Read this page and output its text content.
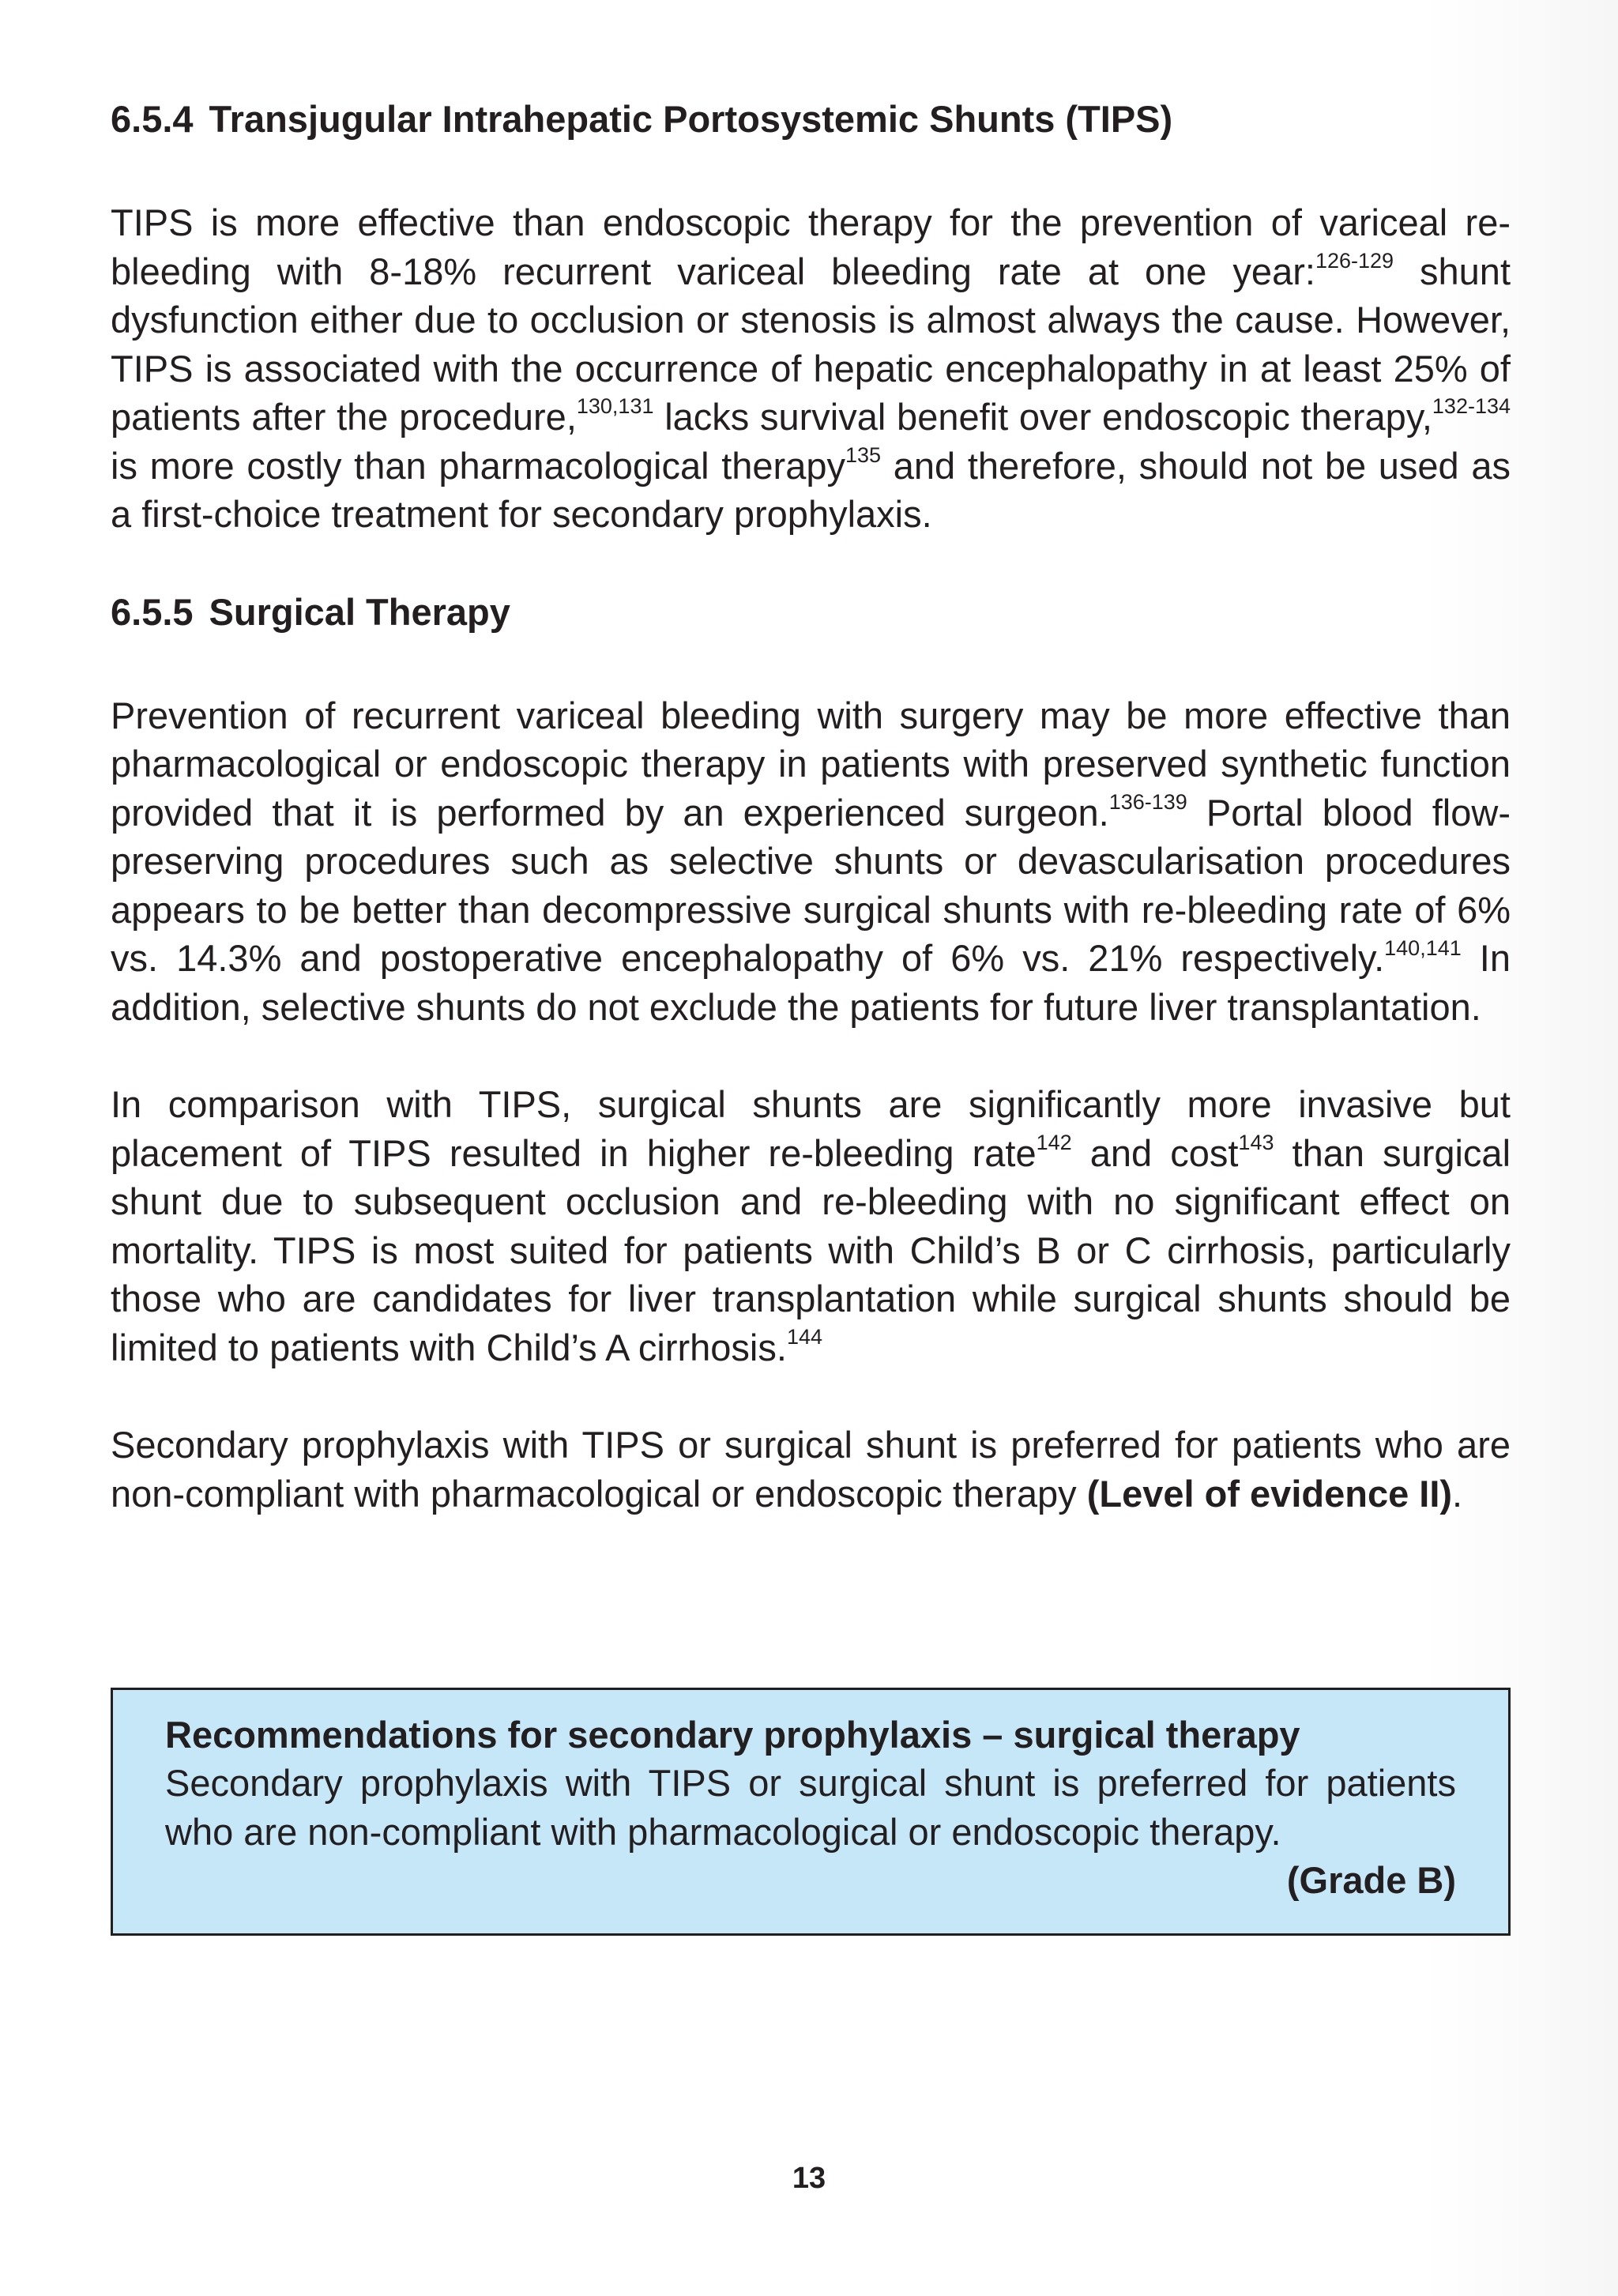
6.5.4 Transjugular Intrahepatic Portosystemic Shunts (TIPS)

TIPS is more effective than endoscopic therapy for the prevention of variceal re-bleeding with 8-18% recurrent variceal bleeding rate at one year:$^{126-129}$ shunt dysfunction either due to occlusion or stenosis is almost always the cause. However, TIPS is associated with the occurrence of hepatic encephalopathy in at least 25% of patients after the procedure,$^{130,131}$ lacks survival benefit over endoscopic therapy,$^{132-134}$ is more costly than pharmacological therapy$^{135}$ and therefore, should not be used as a first-choice treatment for secondary prophylaxis.

6.5.5 Surgical Therapy

Prevention of recurrent variceal bleeding with surgery may be more effective than pharmacological or endoscopic therapy in patients with preserved synthetic function provided that it is performed by an experienced surgeon.$^{136-139}$ Portal blood flow-preserving procedures such as selective shunts or devascularisation procedures appears to be better than decompressive surgical shunts with re-bleeding rate of 6% vs. 14.3% and postoperative encephalopathy of 6% vs. 21% respectively.$^{140,141}$ In addition, selective shunts do not exclude the patients for future liver transplantation.

In comparison with TIPS, surgical shunts are significantly more invasive but placement of TIPS resulted in higher re-bleeding rate$^{142}$ and cost$^{143}$ than surgical shunt due to subsequent occlusion and re-bleeding with no significant effect on mortality. TIPS is most suited for patients with Child’s B or C cirrhosis, particularly those who are candidates for liver transplantation while surgical shunts should be limited to patients with Child’s A cirrhosis.$^{144}$

Secondary prophylaxis with TIPS or surgical shunt is preferred for patients who are non-compliant with pharmacological or endoscopic therapy (Level of evidence II).

Recommendations for secondary prophylaxis – surgical therapy
Secondary prophylaxis with TIPS or surgical shunt is preferred for patients who are non-compliant with pharmacological or endoscopic therapy.
(Grade B)
13
